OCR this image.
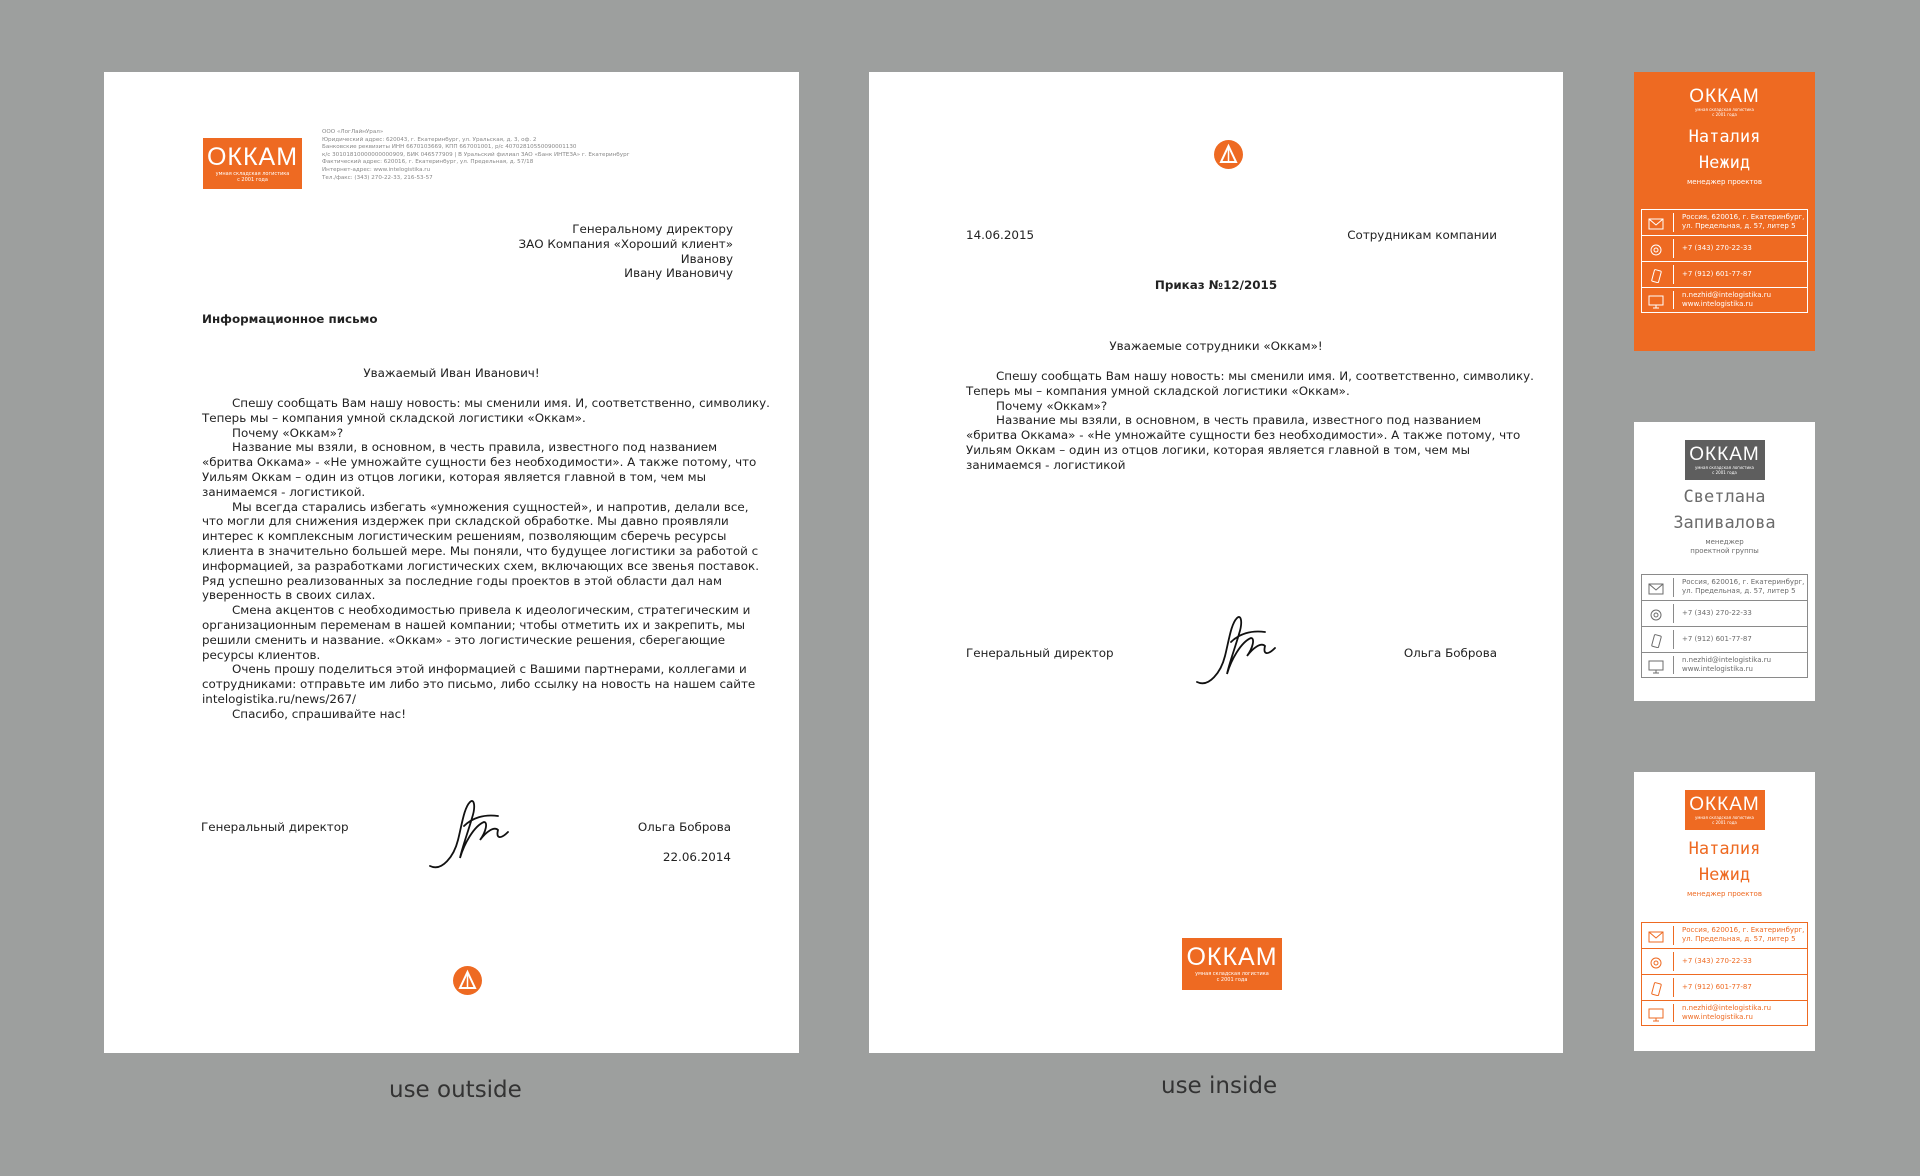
ОККАМ
умная складская логистика
с 2001 года
ООО «ЛогЛайнУрал»
Юридический адрес: 620043, г. Екатеринбург, ул. Уральская, д. 3, оф. 2
Банковские реквизиты ИНН 6670103669, КПП 667001001, р/с 40702810550090001130
к/с 30101810000000000909, БИК 046577909 | В Уральский филиал ЗАО «Банк ИНТЕЗА» г. Екатеринбург
Фактический адрес: 620016, г. Екатеринбург, ул. Предельная, д. 57/18
Интернет-адрес: www.intelogistika.ru
Тел./факс: (343) 270-22-33, 216-53-57
Генеральному директору
ЗАО Компания «Хороший клиент»
Иванову
Ивану Ивановичу
Информационное письмо
Уважаемый Иван Иванович!

Спешу сообщать Вам нашу новость: мы сменили имя. И, соответственно, символику.

Теперь мы – компания умной складской логистики «Оккам».

Почему «Оккам»?

Название мы взяли, в основном, в честь правила, известного под названием

«бритва Оккама» - «Не умножайте сущности без необходимости». А также потому, что

Уильям Оккам – один из отцов логики, которая является главной в том, чем мы

занимаемся - логистикой.

Мы всегда старались избегать «умножения сущностей», и напротив, делали все,

что могли для снижения издержек при складской обработке. Мы давно проявляли

интерес к комплексным логистическим решениям, позволяющим сберечь ресурсы

клиента в значительно большей мере. Мы поняли, что будущее логистики за работой с

информацией, за разработками логистических схем, включающих все звенья поставок.

Ряд успешно реализованных за последние годы проектов в этой области дал нам

уверенность в своих силах.

Смена акцентов с необходимостью привела к идеологическим, стратегическим и

организационным переменам в нашей компании; чтобы отметить их и закрепить, мы

решили сменить и название. «Оккам» - это логистические решения, сберегающие

ресурсы клиентов.

Очень прошу поделиться этой информацией с Вашими партнерами, коллегами и

сотрудниками: отправьте им либо это письмо, либо ссылку на новость на нашем сайте

intelogistika.ru/news/267/

Спасибо, спрашивайте нас!

Генеральный директор	Ольга Боброва
22.06.2014
use outside
14.06.2015	Сотрудникам компании
Приказ №12/2015
Уважаемые сотрудники «Оккам»!

Спешу сообщать Вам нашу новость: мы сменили имя. И, соответственно, символику.

Теперь мы – компания умной складской логистики «Оккам».

Почему «Оккам»?

Название мы взяли, в основном, в честь правила, известного под названием

«бритва Оккама» - «Не умножайте сущности без необходимости». А также потому, что

Уильям Оккам – один из отцов логики, которая является главной в том, чем мы

занимаемся - логистикой

Генеральный директор	Ольга Боброва
ОККАМ
умная складская логистика
с 2001 года
use inside
ОККАМ
умная складская логистика
с 2001 года
Наталия
Нежид
менеджер проектов
Россия, 620016, г. Екатеринбург,
ул. Предельная, д. 57, литер 5
+7 (343) 270-22-33
+7 (912) 601-77-87
n.nezhid@intelogistika.ru
www.intelogistika.ru
ОККАМ
умная складская логистика
с 2001 года
Светлана
Запивалова
менеджер
проектной группы
Россия, 620016, г. Екатеринбург,
ул. Предельная, д. 57, литер 5
+7 (343) 270-22-33
+7 (912) 601-77-87
n.nezhid@intelogistika.ru
www.intelogistika.ru
ОККАМ
умная складская логистика
с 2001 года
Наталия
Нежид
менеджер проектов
Россия, 620016, г. Екатеринбург,
ул. Предельная, д. 57, литер 5
+7 (343) 270-22-33
+7 (912) 601-77-87
n.nezhid@intelogistika.ru
www.intelogistika.ru
